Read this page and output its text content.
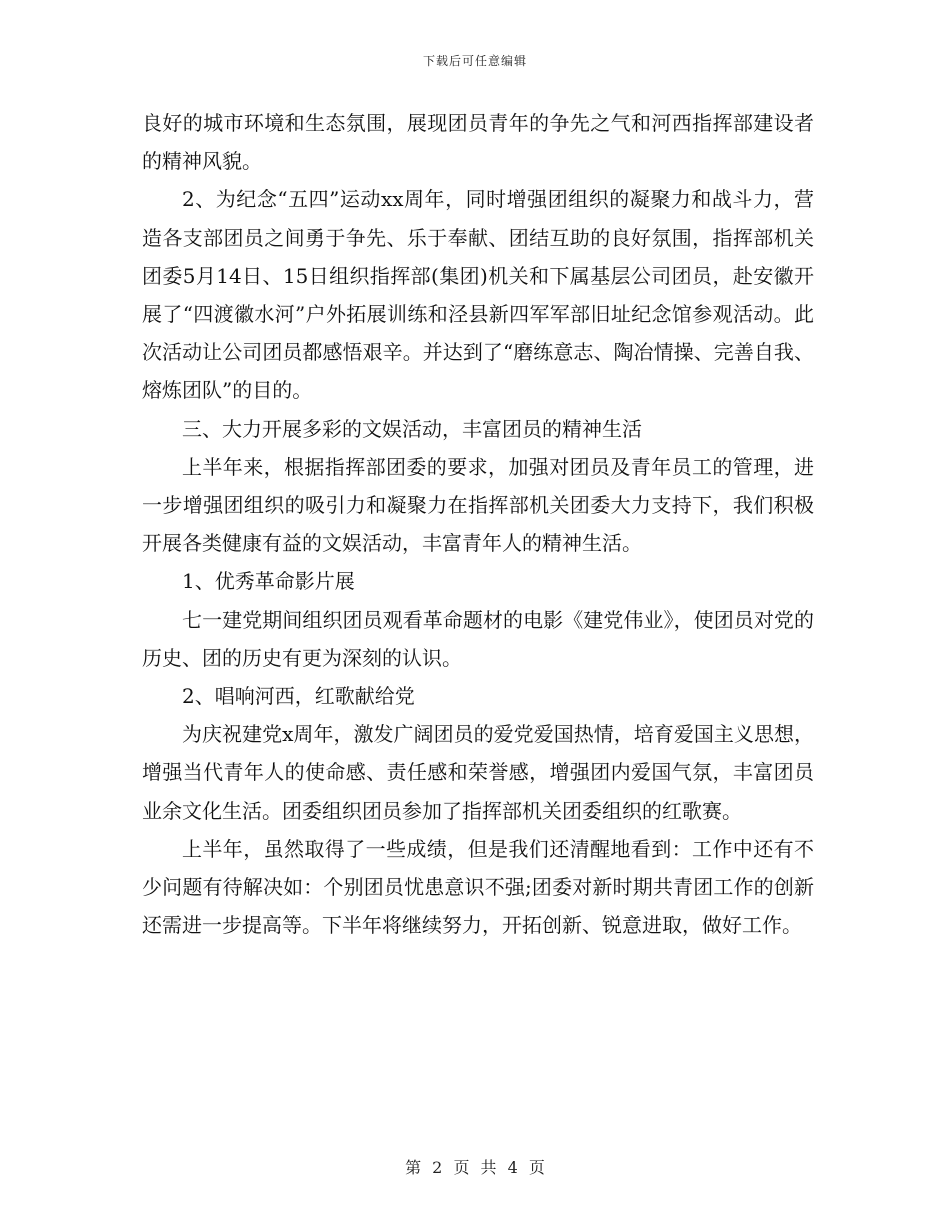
下载后可任意编辑

良好的城市环境和生态氛围，展现团员青年的争先之气和河西指挥部建设者的精神风貌。

2、为纪念“五四”运动xx周年，同时增强团组织的凝聚力和战斗力，营造各支部团员之间勇于争先、乐于奉献、团结互助的良好氛围，指挥部机关团委5月14日、15日组织指挥部(集团)机关和下属基层公司团员，赴安徽开展了“四渡徽水河”户外拓展训练和泾县新四军军部旧址纪念馆参观活动。此次活动让公司团员都感悟艰辛。并达到了“磨练意志、陶冶情操、完善自我、熔炼团队”的目的。

三、大力开展多彩的文娱活动，丰富团员的精神生活

上半年来，根据指挥部团委的要求，加强对团员及青年员工的管理，进一步增强团组织的吸引力和凝聚力在指挥部机关团委大力支持下，我们积极开展各类健康有益的文娱活动，丰富青年人的精神生活。

1、优秀革命影片展

七一建党期间组织团员观看革命题材的电影《建党伟业》，使团员对党的历史、团的历史有更为深刻的认识。

2、唱响河西，红歌献给党

为庆祝建党x周年，激发广阔团员的爱党爱国热情，培育爱国主义思想，增强当代青年人的使命感、责任感和荣誉感，增强团内爱国气氛，丰富团员业余文化生活。团委组织团员参加了指挥部机关团委组织的红歌赛。

上半年，虽然取得了一些成绩，但是我们还清醒地看到：工作中还有不少问题有待解决如：个别团员忧患意识不强;团委对新时期共青团工作的创新还需进一步提高等。下半年将继续努力，开拓创新、锐意进取，做好工作。

第 2 页 共 4 页
